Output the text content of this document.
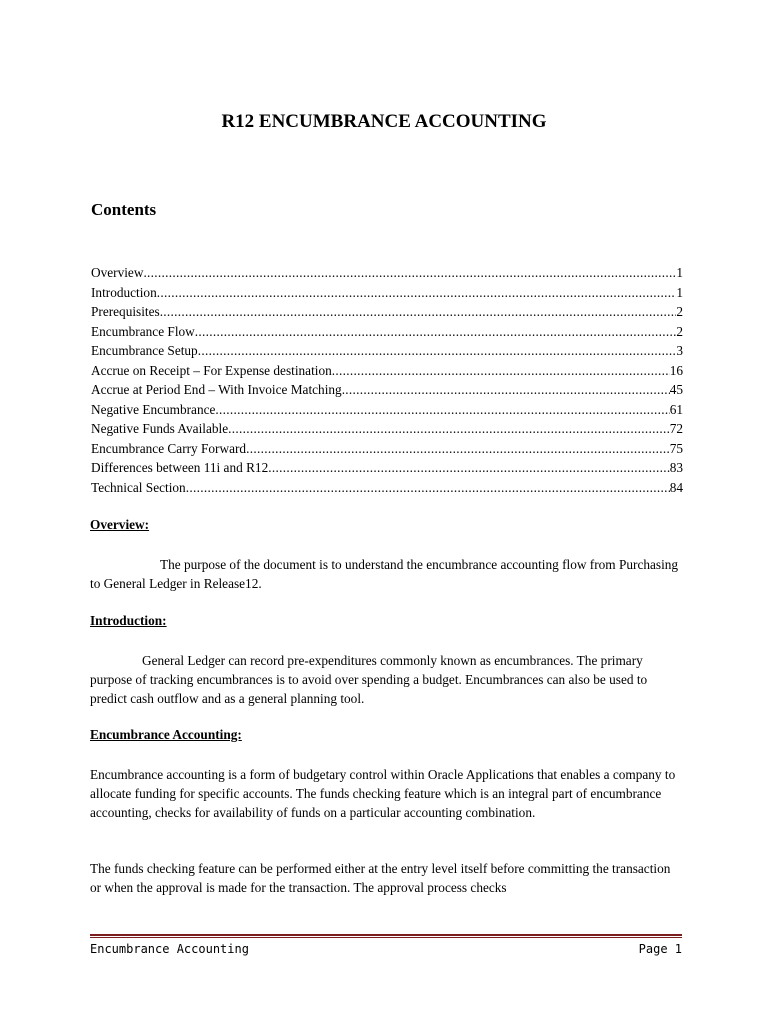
R12 ENCUMBRANCE ACCOUNTING
Contents
Overview .....	1
Introduction .....	1
Prerequisites .....	2
Encumbrance Flow .....	2
Encumbrance Setup .....	3
Accrue on Receipt – For Expense destination .....	16
Accrue at Period End – With Invoice Matching .....	45
Negative Encumbrance .....	61
Negative Funds Available .....	72
Encumbrance Carry Forward .....	75
Differences between 11i and R12 .....	83
Technical Section .....	84
Overview:
The purpose of the document is to understand the encumbrance accounting flow from Purchasing to General Ledger in Release12.
Introduction:
General Ledger can record pre-expenditures commonly known as encumbrances. The primary purpose of tracking encumbrances is to avoid over spending a budget. Encumbrances can also be used to predict cash outflow and as a general planning tool.
Encumbrance Accounting:
Encumbrance accounting is a form of budgetary control within Oracle Applications that enables a company to allocate funding for specific accounts. The funds checking feature which is an integral part of encumbrance accounting, checks for availability of funds on a particular accounting combination.
The funds checking feature can be performed either at the entry level itself before committing the transaction or when the approval is made for the transaction. The approval process checks
Encumbrance Accounting	Page 1
